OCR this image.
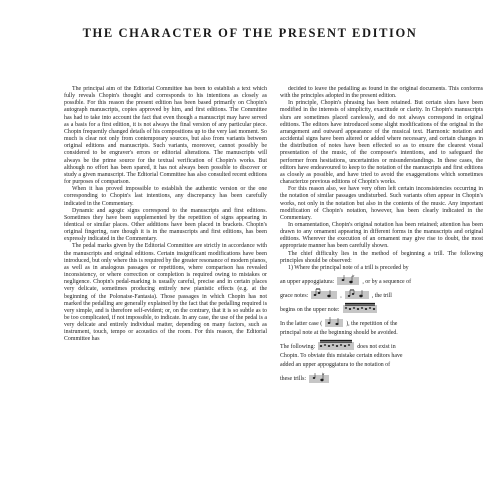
THE CHARACTER OF THE PRESENT EDITION

The principal aim of the Editorial Committee has been to establish a text which fully reveals Chopin's thought and corresponds to his intentions as closely as possible. For this reason the present edition has been based primarily on Chopin's autograph manuscripts, copies approved by him, and first editions. The Committee has had to take into account the fact that even though a manuscript may have served as a basis for a first edition, it is not always the final version of any particular piece. Chopin frequently changed details of his compositions up to the very last moment. So much is clear not only from contemporary sources, but also from variants between original editions and manuscripts. Such variants, moreover, cannot possibly be considered to be engraver's errors or editorial alterations. The manuscripts will always be the prime source for the textual verification of Chopin's works. But although no effort has been spared, it has not always been possible to discover or study a given manuscript. The Editorial Committee has also consulted recent editions for purposes of comparison.

When it has proved impossible to establish the authentic version or the one corresponding to Chopin's last intentions, any discrepancy has been carefully indicated in the Commentary.

Dynamic and agogic signs correspond to the manuscripts and first editions. Sometimes they have been supplemented by the repetition of signs appearing in identical or similar places. Other additions have been placed in brackets. Chopin's original fingering, rare though it is in the manuscripts and first editions, has been expressly indicated in the Commentary.

The pedal marks given by the Editorial Committee are strictly in accordance with the manuscripts and original editions. Certain insignificant modifications have been introduced, but only where this is required by the greater resonance of modern pianos, as well as in analogous passages or repetitions, where comparison has revealed inconsistency, or where correction or completion is required owing to mistakes or negligence. Chopin's pedal-marking is usually careful, precise and in certain places very delicate, sometimes producing entirely new pianistic effects (e.g. at the beginning of the Polonaise-Fantasia). Those passages in which Chopin has not marked the pedalling are generally explained by the fact that the pedalling required is very simple, and is therefore self-evident; or, on the contrary, that it is so subtle as to be too complicated, if not impossible, to indicate. In any case, the use of the pedal is a very delicate and entirely individual matter, depending on many factors, such as instrument, touch, tempo or acoustics of the room. For this reason, the Editorial Committee has

decided to leave the pedalling as found in the original documents. This conforms with the principles adopted in the present edition.

In principle, Chopin's phrasing has been retained. But certain slurs have been modified in the interests of simplicity, exactitude or clarity. In Chopin's manuscripts slurs are sometimes placed carelessly, and do not always correspond in original editions. The editors have introduced some slight modifications of the original in the arrangement and outward appearance of the musical text. Harmonic notation and accidental signs have been altered or added where necessary, and certain changes in the distribution of notes have been effected so as to ensure the clearest visual presentation of the music, of the composer's intentions, and to safeguard the performer from hesitations, uncertainties or misunderstandings. In these cases, the editors have endeavoured to keep to the notation of the manuscripts and first editions as closely as possible, and have tried to avoid the exaggerations which sometimes characterize previous editions of Chopin's works.

For this reason also, we have very often left certain inconsistencies occurring in the notation of similar passages undisturbed. Such variants often appear in Chopin's works, not only in the notation but also in the contents of the music. Any important modification of Chopin's notation, however, has been clearly indicated in the Commentary.

In ornamentation, Chopin's original notation has been retained; attention has been drawn to any ornament appearing in different forms in the manuscripts and original editions. Wherever the execution of an ornament may give rise to doubt, the most appropriate manner has been carefully shown.

The chief difficulty lies in the method of beginning a trill. The following principles should be observed:

1) Where the principal note of a trill is preceded by

an upper appoggiatura:
tr
, or by a sequence of
grace notes:	,	, the trill
begins on the upper note:
In the latter case (	), the repetition of the
principal note at the beginning should be avoided.
The following:	does not exist in
Chopin. To obviate this mistake certain editors have
added an upper appoggiatura to the notation of
these trills:
tr
